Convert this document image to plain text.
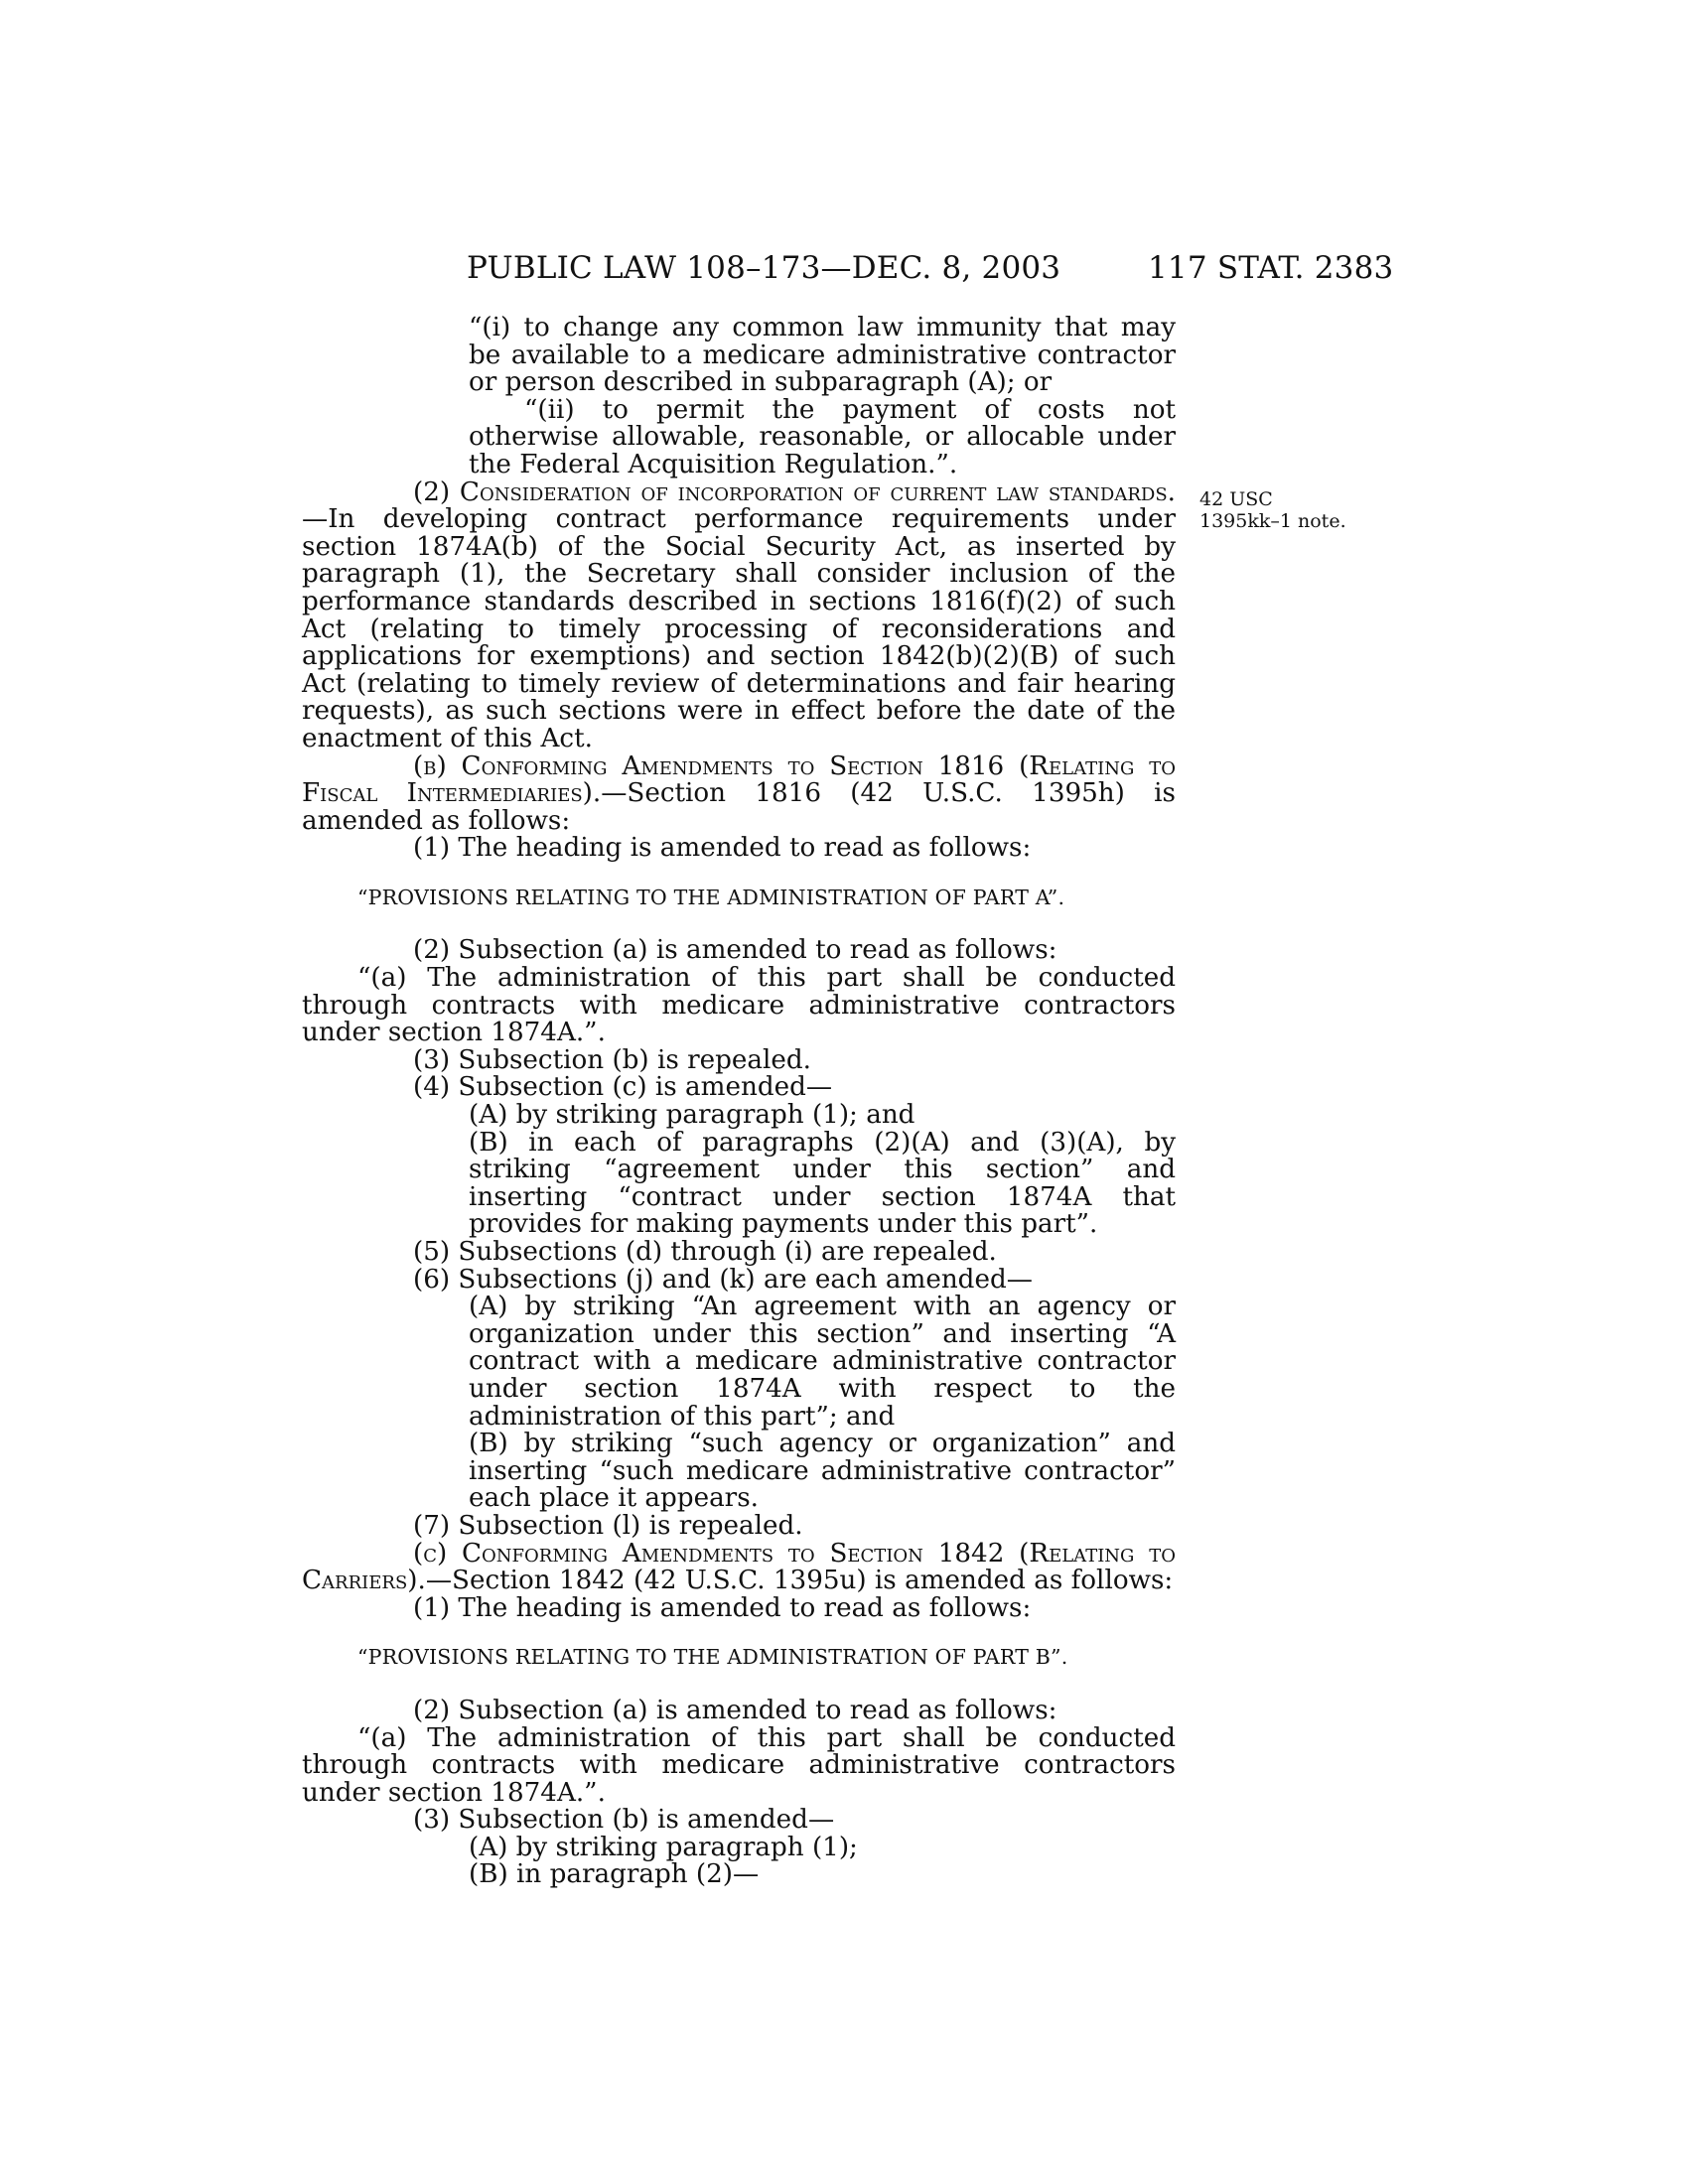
PUBLIC LAW 108–173—DEC. 8, 2003	117 STAT. 2383
42 USC
1395kk–1 note.

“(i) to change any common law immunity that may be available to a medicare administrative contractor or person described in subparagraph (A); or

“(ii) to permit the payment of costs not otherwise allowable, reasonable, or allocable under the Federal Acquisition Regulation.”.

(2) Consideration of incorporation of current law standards.—In developing contract performance requirements under section 1874A(b) of the Social Security Act, as inserted by paragraph (1), the Secretary shall consider inclusion of the performance standards described in sections 1816(f)(2) of such Act (relating to timely processing of reconsiderations and applications for exemptions) and section 1842(b)(2)(B) of such Act (relating to timely review of determinations and fair hearing requests), as such sections were in effect before the date of the enactment of this Act.

(b) Conforming Amendments to Section 1816 (Relating to Fiscal Intermediaries).—Section 1816 (42 U.S.C. 1395h) is amended as follows:

(1) The heading is amended to read as follows:

“PROVISIONS RELATING TO THE ADMINISTRATION OF PART A”.

(2) Subsection (a) is amended to read as follows:

“(a) The administration of this part shall be conducted through contracts with medicare administrative contractors under section 1874A.”.

(3) Subsection (b) is repealed.

(4) Subsection (c) is amended—

(A) by striking paragraph (1); and

(B) in each of paragraphs (2)(A) and (3)(A), by striking “agreement under this section” and inserting “contract under section 1874A that provides for making payments under this part”.

(5) Subsections (d) through (i) are repealed.

(6) Subsections (j) and (k) are each amended—

(A) by striking “An agreement with an agency or organization under this section” and inserting “A contract with a medicare administrative contractor under section 1874A with respect to the administration of this part”; and

(B) by striking “such agency or organization” and inserting “such medicare administrative contractor” each place it appears.

(7) Subsection (l) is repealed.

(c) Conforming Amendments to Section 1842 (Relating to Carriers).—Section 1842 (42 U.S.C. 1395u) is amended as follows:

(1) The heading is amended to read as follows:

“PROVISIONS RELATING TO THE ADMINISTRATION OF PART B”.

(2) Subsection (a) is amended to read as follows:

“(a) The administration of this part shall be conducted through contracts with medicare administrative contractors under section 1874A.”.

(3) Subsection (b) is amended—

(A) by striking paragraph (1);

(B) in paragraph (2)—
